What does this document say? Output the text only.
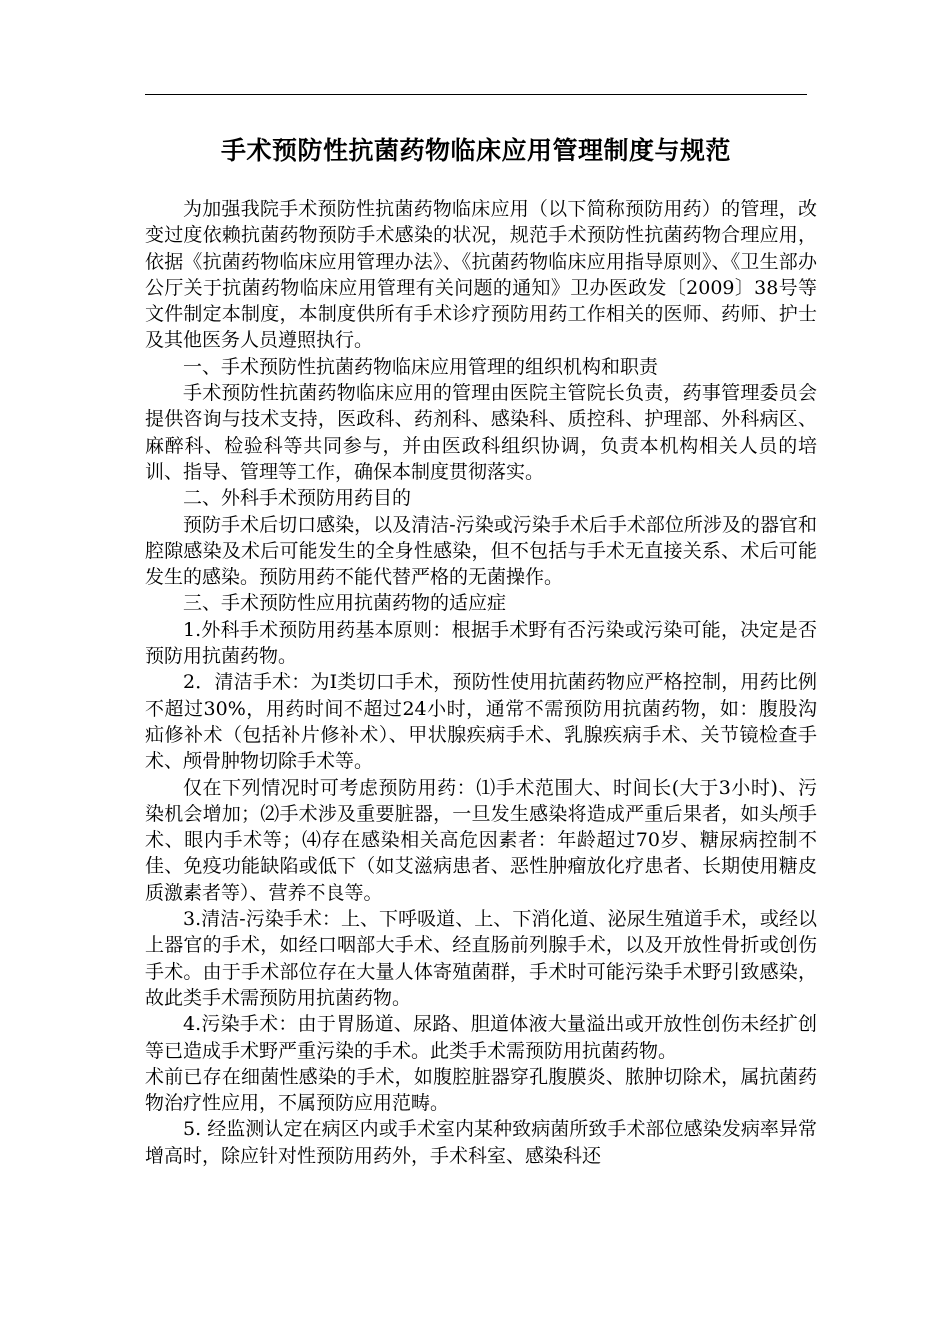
手术预防性抗菌药物临床应用管理制度与规范

为加强我院手术预防性抗菌药物临床应用（以下简称预防用药）的管理，改变过度依赖抗菌药物预防手术感染的状况，规范手术预防性抗菌药物合理应用，依据《抗菌药物临床应用管理办法》、《抗菌药物临床应用指导原则》、《卫生部办公厅关于抗菌药物临床应用管理有关问题的通知》卫办医政发〔2009〕38号等文件制定本制度，本制度供所有手术诊疗预防用药工作相关的医师、药师、护士及其他医务人员遵照执行。

一、手术预防性抗菌药物临床应用管理的组织机构和职责

手术预防性抗菌药物临床应用的管理由医院主管院长负责，药事管理委员会提供咨询与技术支持，医政科、药剂科、感染科、质控科、护理部、外科病区、麻醉科、检验科等共同参与，并由医政科组织协调，负责本机构相关人员的培训、指导、管理等工作，确保本制度贯彻落实。

二、外科手术预防用药目的

预防手术后切口感染，以及清洁-污染或污染手术后手术部位所涉及的器官和腔隙感染及术后可能发生的全身性感染，但不包括与手术无直接关系、术后可能发生的感染。预防用药不能代替严格的无菌操作。

三、手术预防性应用抗菌药物的适应症

1.外科手术预防用药基本原则：根据手术野有否污染或污染可能，决定是否预防用抗菌药物。

2．清洁手术：为Ⅰ类切口手术，预防性使用抗菌药物应严格控制，用药比例不超过30%，用药时间不超过24小时，通常不需预防用抗菌药物，如：腹股沟疝修补术（包括补片修补术）、甲状腺疾病手术、乳腺疾病手术、关节镜检查手术、颅骨肿物切除手术等。

仅在下列情况时可考虑预防用药：⑴手术范围大、时间长(大于3小时)、污染机会增加；⑵手术涉及重要脏器，一旦发生感染将造成严重后果者，如头颅手术、眼内手术等；⑷存在感染相关高危因素者：年龄超过70岁、糖尿病控制不佳、免疫功能缺陷或低下（如艾滋病患者、恶性肿瘤放化疗患者、长期使用糖皮质激素者等）、营养不良等。

3.清洁-污染手术：上、下呼吸道、上、下消化道、泌尿生殖道手术，或经以上器官的手术，如经口咽部大手术、经直肠前列腺手术，以及开放性骨折或创伤手术。由于手术部位存在大量人体寄殖菌群，手术时可能污染手术野引致感染，故此类手术需预防用抗菌药物。

4.污染手术：由于胃肠道、尿路、胆道体液大量溢出或开放性创伤未经扩创等已造成手术野严重污染的手术。此类手术需预防用抗菌药物。

术前已存在细菌性感染的手术，如腹腔脏器穿孔腹膜炎、脓肿切除术，属抗菌药物治疗性应用，不属预防应用范畴。

5. 经监测认定在病区内或手术室内某种致病菌所致手术部位感染发病率异常增高时，除应针对性预防用药外，手术科室、感染科还
